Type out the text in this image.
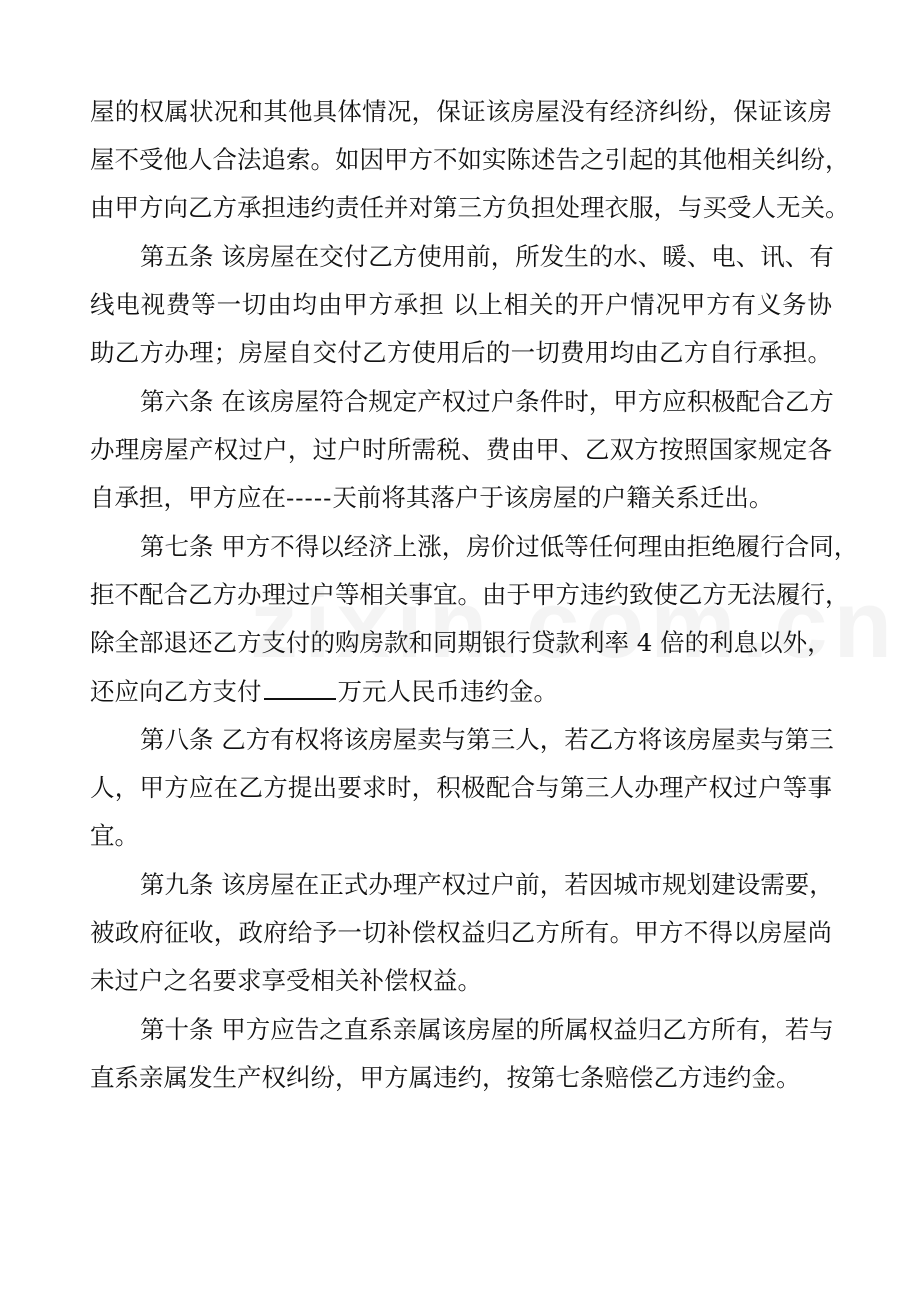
屋的权属状况和其他具体情况，保证该房屋没有经济纠纷，保证该房
屋不受他人合法追索。如因甲方不如实陈述告之引起的其他相关纠纷，
由甲方向乙方承担违约责任并对第三方负担处理衣服，与买受人无关。
第五条 该房屋在交付乙方使用前，所发生的水、暖、电、讯、有
线电视费等一切由均由甲方承担 以上相关的开户情况甲方有义务协
助乙方办理；房屋自交付乙方使用后的一切费用均由乙方自行承担。
第六条 在该房屋符合规定产权过户条件时，甲方应积极配合乙方
办理房屋产权过户，过户时所需税、费由甲、乙双方按照国家规定各
自承担，甲方应在-----天前将其落户于该房屋的户籍关系迁出。
第七条 甲方不得以经济上涨，房价过低等任何理由拒绝履行合同，
拒不配合乙方办理过户等相关事宜。由于甲方违约致使乙方无法履行，
除全部退还乙方支付的购房款和同期银行贷款利率 4 倍的利息以外，
还应向乙方支付	万元人民币违约金。
第八条 乙方有权将该房屋卖与第三人，若乙方将该房屋卖与第三
人，甲方应在乙方提出要求时，积极配合与第三人办理产权过户等事
宜。
第九条 该房屋在正式办理产权过户前，若因城市规划建设需要，
被政府征收，政府给予一切补偿权益归乙方所有。甲方不得以房屋尚
未过户之名要求享受相关补偿权益。
第十条 甲方应告之直系亲属该房屋的所属权益归乙方所有，若与
直系亲属发生产权纠纷，甲方属违约，按第七条赔偿乙方违约金。
